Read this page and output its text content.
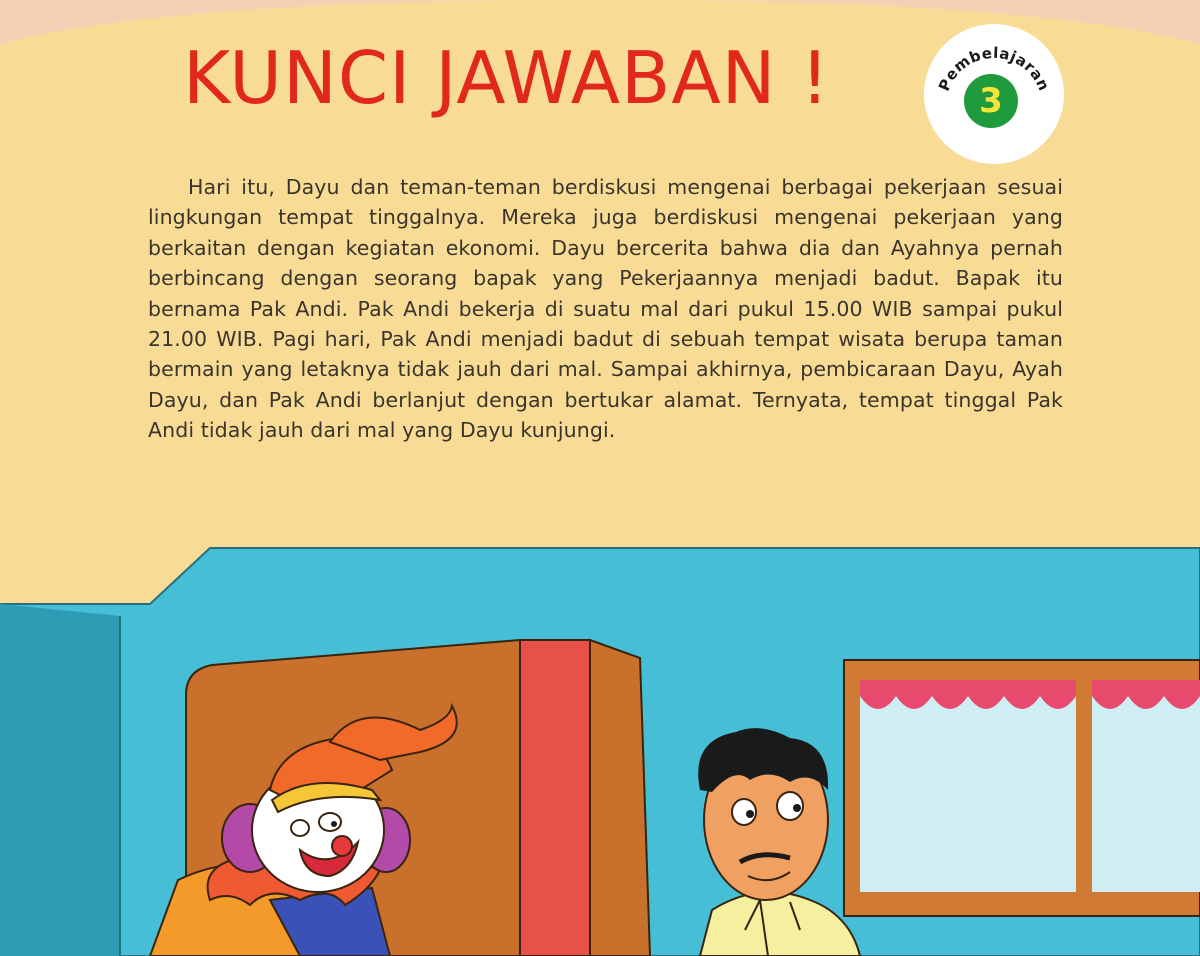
KUNCI JAWABAN !	Pembelajaran
3

Hari itu, Dayu dan teman-teman berdiskusi mengenai berbagai pekerjaan sesuai lingkungan tempat tinggalnya. Mereka juga berdiskusi mengenai pekerjaan yang berkaitan dengan kegiatan ekonomi. Dayu bercerita bahwa dia dan Ayahnya pernah berbincang dengan seorang bapak yang Pekerjaannya menjadi badut. Bapak itu bernama Pak Andi. Pak Andi bekerja di suatu mal dari pukul 15.00 WIB sampai pukul 21.00 WIB. Pagi hari, Pak Andi menjadi badut di sebuah tempat wisata berupa taman bermain yang letaknya tidak jauh dari mal. Sampai akhirnya, pembicaraan Dayu, Ayah Dayu, dan Pak Andi berlanjut dengan bertukar alamat. Ternyata, tempat tinggal Pak Andi tidak jauh dari mal yang Dayu kunjungi.
